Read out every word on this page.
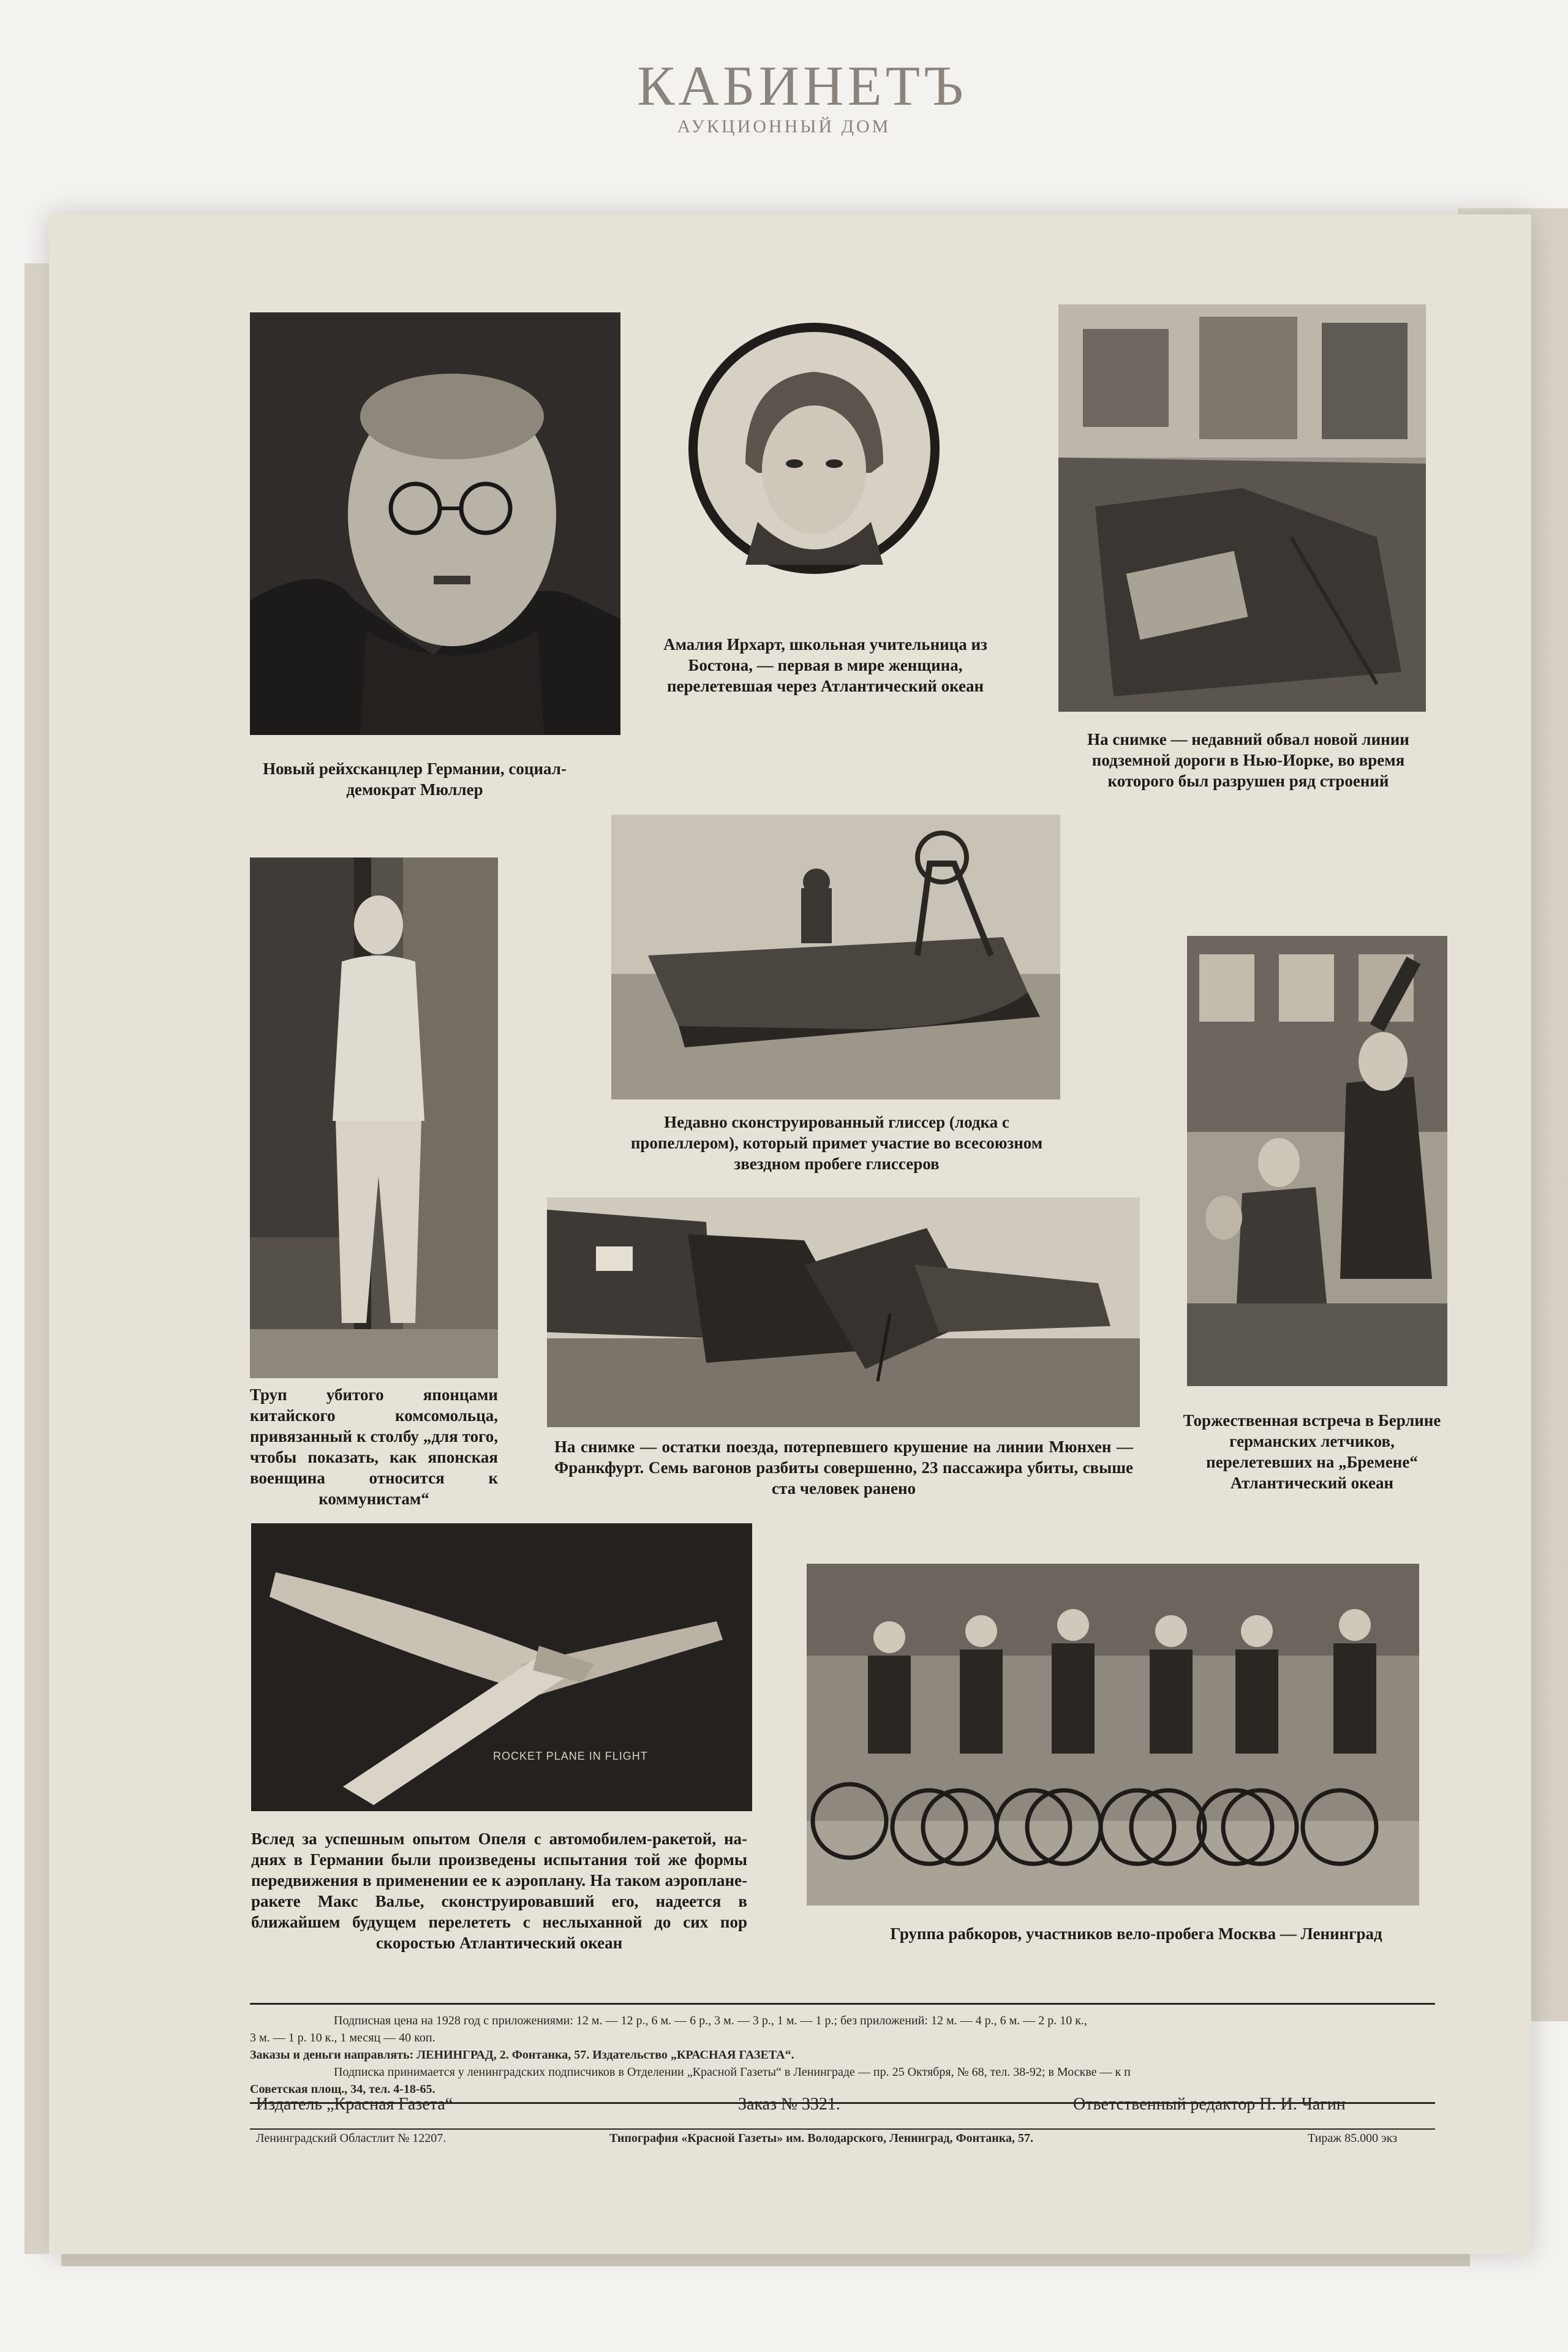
КАБИНЕТЪ
АУКЦИОННЫЙ ДОМ
Новый рейхсканцлер Германии, социал-демократ Мюллер
Амалия Ирхарт, школьная учительница из Бостона, — первая в мире женщина, перелетевшая через Атлантический океан
На снимке — недавний обвал новой линии подземной дороги в Нью-Иорке, во время которого был разрушен ряд строений
Труп убитого японцами китайского комсомольца, привязанный к столбу „для того, чтобы показать, как японская военщина относится к коммунистам“
Недавно сконструированный глиссер (лодка с пропеллером), который примет участие во всесоюзном звездном пробеге глиссеров
Торжественная встреча в Берлине германских летчиков, перелетевших на „Бремене“ Атлантический океан
На снимке — остатки поезда, потерпевшего крушение на линии Мюнхен — Франкфурт. Семь вагонов разбиты совершенно, 23 пассажира убиты, свыше ста человек ранено
ROCKET PLANE IN FLIGHT
Вслед за успешным опытом Опеля с автомобилем-ракетой, на-днях в Германии были произведены испытания той же формы передвижения в применении ее к аэроплану. На таком аэроплане-ракете Макс Валье, сконструировавший его, надеется в ближайшем будущем перелететь с неслыханной до сих пор скоростью Атлантический океан	Группа рабкоров, участников вело-пробега Москва — Ленинград
Подписная цена на 1928 год с приложениями: 12 м. — 12 р., 6 м. — 6 р., 3 м. — 3 р., 1 м. — 1 р.; без приложений: 12 м. — 4 р., 6 м. — 2 р. 10 к.,
3 м. — 1 р. 10 к., 1 месяц — 40 коп.
Заказы и деньги направлять: ЛЕНИНГРАД, 2. Фонтанка, 57. Издательство „КРАСНАЯ ГАЗЕТА“.
Подписка принимается у ленинградских подписчиков в Отделении „Красной Газеты“ в Ленинграде — пр. 25 Октября, № 68, тел. 38-92; в Москве — к п
Советская площ., 34, тел. 4-18-65.
Издатель „Красная Газета“	Заказ № 3321.	Ответственный редактор П. И. Чагин
Ленинградский Областлит № 12207.	Типография «Красной Газеты» им. Володарского, Ленинград, Фонтанка, 57.	Тираж 85.000 экз
